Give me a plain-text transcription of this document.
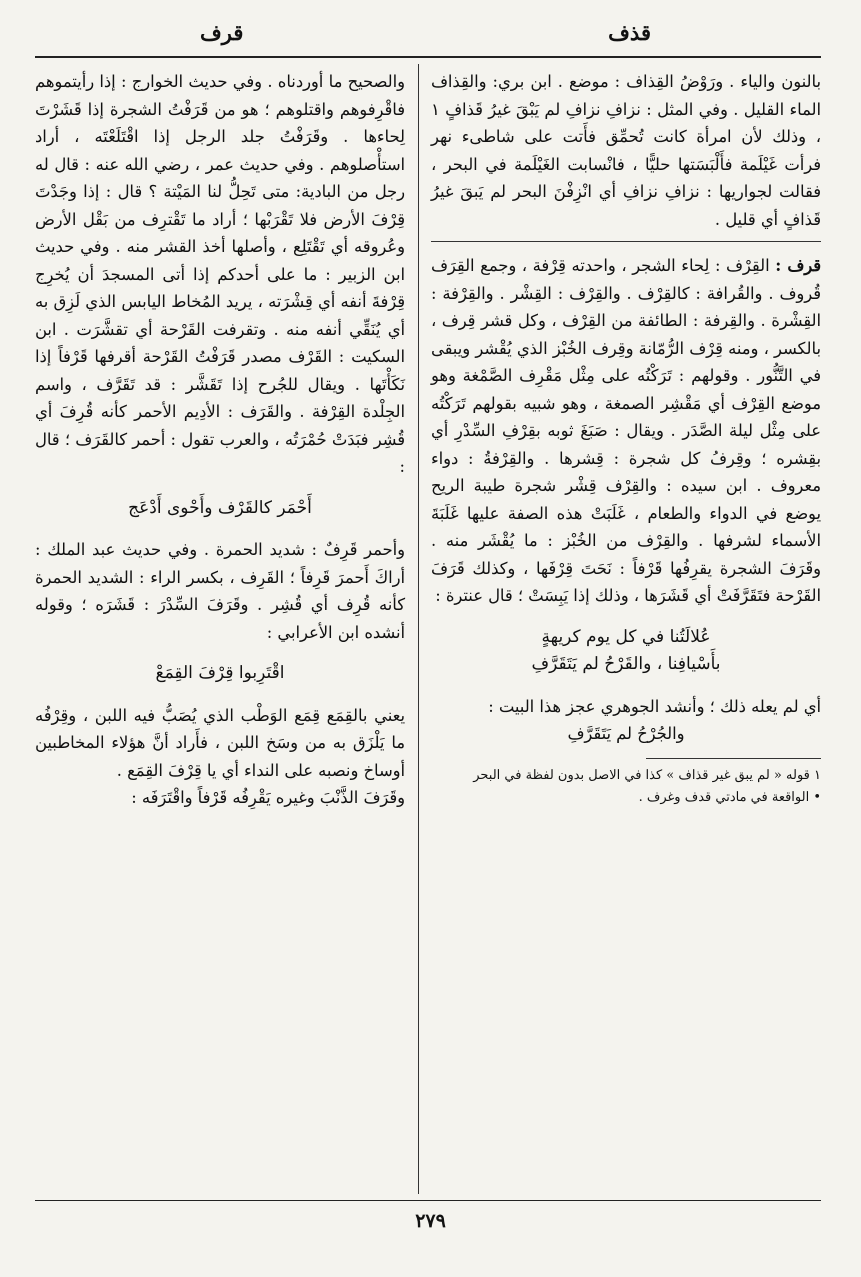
قذف
قرف

بالنون والياء . ورَوْضُ القِذاف : موضع . ابن بري: والقِذاف الماء القليل . وفي المثل : نزافِ نزافِ لم يَبْقَ غيرُ قَذافٍ ١ ، وذلك لأن امرأة كانت تُحمِّق فأَتت على شاطىء نهر فرأت غَيْلَمة فأَلْبَسَتها حليًّا ، فانْسابت الغَيْلَمة في البحر ، فقالت لجواريها : نزافِ نزافِ أي انْزِفْنَ البحر لم يَبقَ غيرُ قَذافٍ أي قليل .

قرف : القِرْف : لِحاء الشجر ، واحدته قِرْفة ، وجمع القِرَف قُروف . والقُرافة : كالقِرْف . والقِرْف : القِشْر . والقِرْفة : القِشْرة . والقِرفة : الطائفة من القِرْف ، وكل قشر قِرف ، بالكسر ، ومنه قِرْف الرُّمّانة وقِرف الخُبْز الذي يُقْشر ويبقى في التَّنُّور . وقولهم : تَرَكْتُه على مِثْل مَقْرِف الصَّمْغة وهو موضع القِرْف أي مَقْشِر الصمغة ، وهو شبيه بقولهم تَرَكْتُه على مِثْل ليلة الصَّدَر . ويقال : صَبَغَ ثوبه بقِرْفِ السِّدْرِ أي بقِشره ؛ وقِرفُ كل شجرة : قِشرها . والقِرْفةُ : دواء معروف . ابن سيده : والقِرْف قِشْر شجرة طيبة الريح يوضع في الدواء والطعام ، غَلَبَتْ هذه الصفة عليها غَلَبَةَ الأسماء لشرفها . والقِرْف من الخُبْز : ما يُقْشَر منه . وقَرَفَ الشجرة يقرِفُها قَرْفاً : نَحَتَ قِرْفَها ، وكذلك قَرَفَ القَرْحة فتَقَرَّفَتْ أي قَشَرَها ، وذلك إذا يَبِسَتْ ؛ قال عنترة :

عُلالَتُنا في كل يوم كريهةٍ
بأَسْيافِنا ، والقَرْحُ لم يَتَقَرَّفِ

أي لم يعله ذلك ؛ وأنشد الجوهري عجز هذا البيت :

والجُرْحُ لم يَتَقَرَّفِ

١ قوله « لم يبق غير قذاف » كذا في الاصل بدون لفظة في البحر
• الواقعة في مادتي قدف وغرف .

والصحيح ما أوردناه . وفي حديث الخوارج : إذا رأيتموهم فاقْرِفوهم واقتلوهم ؛ هو من قَرَفْتُ الشجرة إذا قَشَرْتَ لِحاءها . وقَرَفْتُ جلد الرجل إذا اقْتَلَعْتَه ، أراد استأْصلوهم . وفي حديث عمر ، رضي الله عنه : قال له رجل من البادية: متى تَحِلُّ لنا المَيْتة ؟ قال : إذا وجَدْتَ قِرْفَ الأرض فلا تَقْرَبْها ؛ أراد ما تَقْترِف من بَقْل الأرض وعُروقه أي تَقْتَلِع ، وأصلها أخذ القشر منه . وفي حديث ابن الزبير : ما على أحدكم إذا أتى المسجدَ أن يُخرِج قِرْفةَ أنفه أي قِشْرَته ، يريد المُخاط اليابس الذي لَزِق به أي يُنَقِّي أنفه منه . وتقرفت القَرْحة أي تقشَّرَت . ابن السكيت : القَرْف مصدر قَرَفْتُ القَرْحة أقرفها قَرْفاً إذا نَكَأْتَها . ويقال للجُرح إذا تَقَشَّر : قد تَقَرَّف ، واسم الجِلْدة القِرْفة . والقَرَف : الأدِيم الأحمر كأنه قُرِفَ أي قُشِر فبَدَتْ حُمْرَتُه ، والعرب تقول : أحمر كالقَرَف ؛ قال :

أَحْمَر كالقَرْف وأَحْوى أَدْعَج

وأحمر قَرِفٌ : شديد الحمرة . وفي حديث عبد الملك : أراكَ أَحمرَ قَرِفاً ؛ القَرِف ، بكسر الراء : الشديد الحمرة كأنه قُرِف أي قُشِر . وقَرَفَ السِّدْرَ : قَشَرَه ؛ وقوله أنشده ابن الأعرابي :

اقْتَرِبوا قِرْفَ القِمَعْ

يعني بالقِمَع قِمَع الوَطْب الذي يُصَبُّ فيه اللبن ، وقِرْفُه ما يَلْزَق به من وسَخ اللبن ، فأَراد أنَّ هؤلاء المخاطبين أوساخ ونصبه على النداء أي يا قِرْفَ القِمَع .

وقَرَفَ الذَّنْبَ وغيره يَقْرِفُه قَرْفاً واقْتَرَفَه :

٢٧٩
